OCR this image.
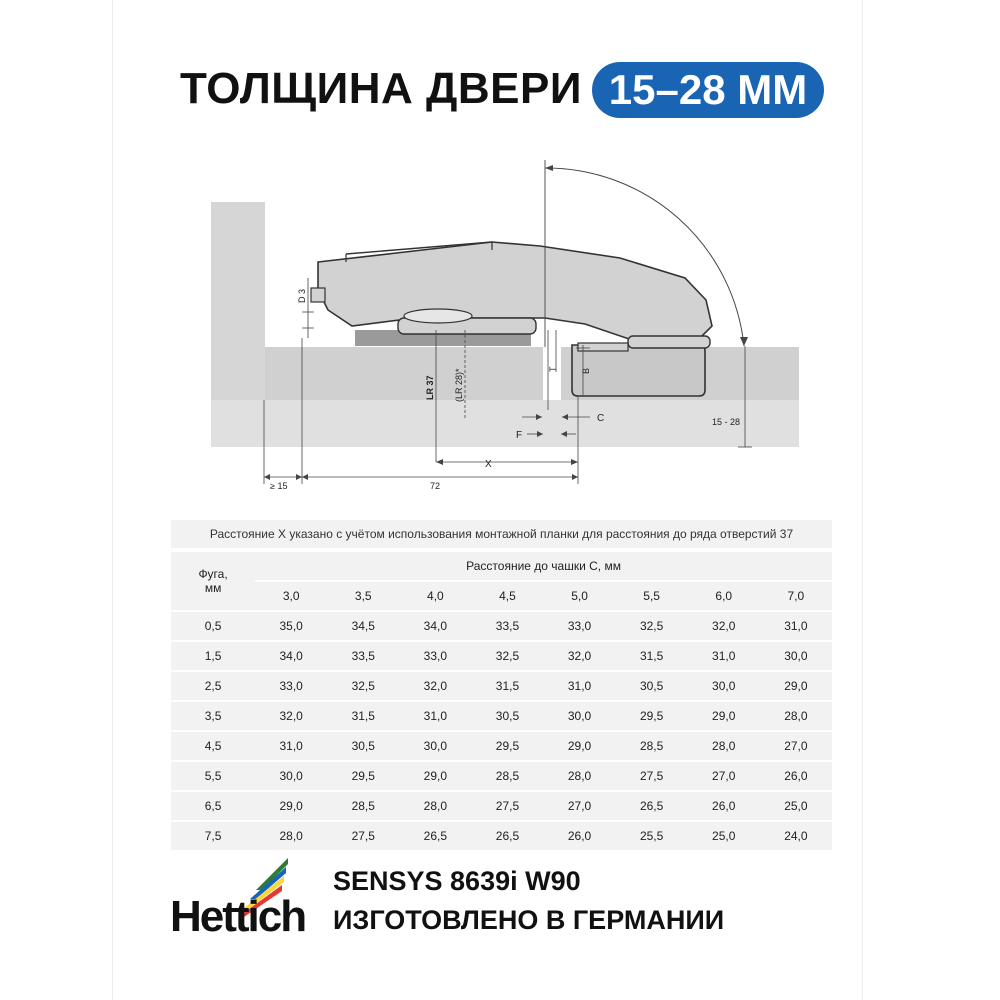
ТОЛЩИНА ДВЕРИ 15–28 ММ
D 3
LR 37 (LR 28)*	T	B
C
F
15 - 28
X
≥ 15	72
Расстояние X указано с учётом использования монтажной планки для расстояния до ряда отверстий 37
Фуга,
мм	Расстояние до чашки C, мм							
	3,0	3,5	4,0	4,5	5,0	5,5	6,0	7,0
0,5	35,0	34,5	34,0	33,5	33,0	32,5	32,0	31,0
1,5	34,0	33,5	33,0	32,5	32,0	31,5	31,0	30,0
2,5	33,0	32,5	32,0	31,5	31,0	30,5	30,0	29,0
3,5	32,0	31,5	31,0	30,5	30,0	29,5	29,0	28,0
4,5	31,0	30,5	30,0	29,5	29,0	28,5	28,0	27,0
5,5	30,0	29,5	29,0	28,5	28,0	27,5	27,0	26,0
6,5	29,0	28,5	28,0	27,5	27,0	26,5	26,0	25,0
7,5	28,0	27,5	26,5	26,5	26,0	25,5	25,0	24,0
Hettich
SENSYS 8639i W90
ИЗГОТОВЛЕНО В ГЕРМАНИИ
